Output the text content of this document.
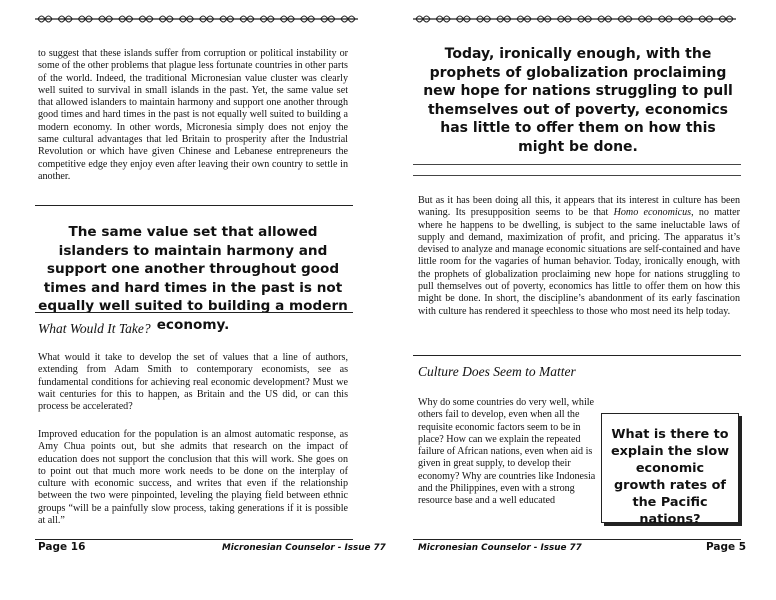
to suggest that these islands suffer from corruption or political instability or some of the other problems that plague less fortunate countries in other parts of the world. Indeed, the traditional Micronesian value cluster was clearly well suited to survival in small islands in the past. Yet, the same value set that allowed islanders to maintain harmony and support one another through good times and hard times in the past is not equally well suited to building a modern economy. In other words, Micronesia simply does not enjoy the same cultural advantages that led Britain to prosperity after the Industrial Revolution or which have given Chinese and Lebanese entrepreneurs the competitive edge they enjoy even after leaving their own country to settle in another.

The same value set that allowed islanders to maintain harmony and support one another throughout good times and hard times in the past is not equally well suited to building a modern economy.

What Would It Take?

What would it take to develop the set of values that a line of authors, extending from Adam Smith to contemporary economists, see as fundamental conditions for achieving real economic development? Must we wait centuries for this to happen, as Britain and the US did, or can this process be accelerated?

Improved education for the population is an almost automatic response, as Amy Chua points out, but she admits that research on the impact of education does not support the conclusion that this will work. She goes on to point out that much more work needs to be done on the interplay of culture with economic success, and writes that even if the relationship between the two were pinpointed, leveling the playing field between ethnic groups “will be a painfully slow process, taking generations if it is possible at all.”

Page 16	Micronesian Counselor - Issue 77

Today, ironically enough, with the prophets of globalization proclaiming new hope for nations struggling to pull themselves out of poverty, economics has little to offer them on how this might be done.

But as it has been doing all this, it appears that its interest in culture has been waning. Its presupposition seems to be that Homo economicus, no matter where he happens to be dwelling, is subject to the same ineluctable laws of supply and demand, maximization of profit, and pricing. The apparatus it’s devised to analyze and manage economic situations are self-contained and have little room for the vagaries of human behavior. Today, ironically enough, with the prophets of globalization proclaiming new hope for nations struggling to pull themselves out of poverty, economics has little to offer them on how this might be done. In short, the discipline’s abandonment of its early fascination with culture has rendered it speechless to those who most need its help today.

Culture Does Seem to Matter

Why do some countries do very well, while others fail to develop, even when all the requisite economic factors seem to be in place? How can we explain the repeated failure of African nations, even when aid is given in great supply, to develop their economy? Why are countries like Indonesia and the Philippines, even with a strong resource base and a well educated

What is there to explain the slow economic growth rates of the Pacific nations?

Micronesian Counselor - Issue 77	Page 5
